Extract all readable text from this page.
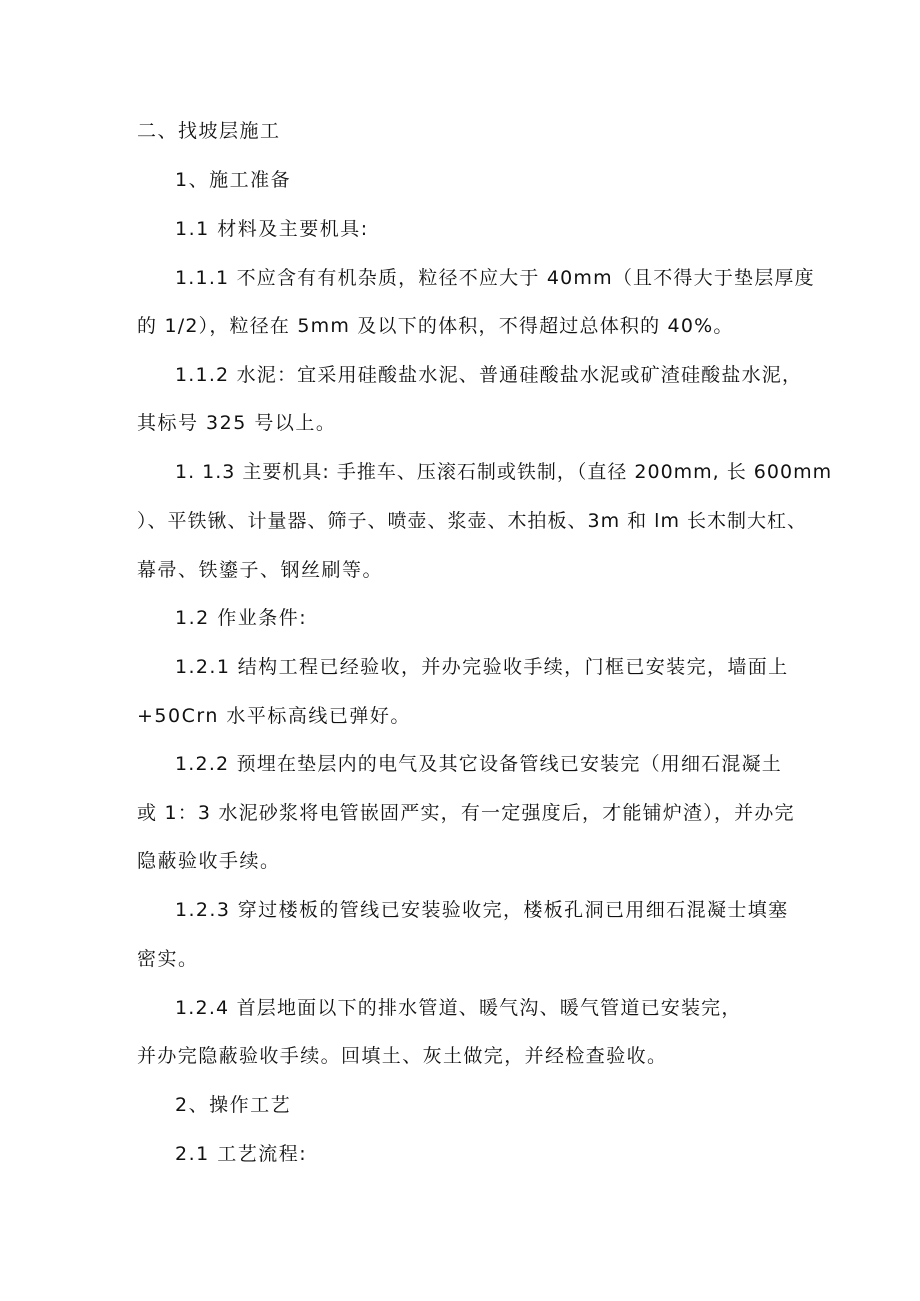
二、找坡层施工
1、施工准备
1.1 材料及主要机具:
1.1.1 不应含有有机杂质，粒径不应大于 40mm（且不得大于垫层厚度
的 1/2），粒径在 5mm 及以下的体积，不得超过总体积的 40%。
1.1.2 水泥：宜采用硅酸盐水泥、普通硅酸盐水泥或矿渣硅酸盐水泥，
其标号 325 号以上。
1. 1.3 主要机具: 手推车、压滚石制或铁制，（直径 200mm, 长 600mm
）、平铁锹、计量器、筛子、喷壶、浆壶、木拍板、3m 和 lm 长木制大杠、
幕帚、铁鎏子、钢丝刷等。
1.2 作业条件:
1.2.1 结构工程已经验收，并办完验收手续，门框已安装完，墙面上
+50Crn 水平标高线已弹好。
1.2.2 预埋在垫层内的电气及其它设备管线已安装完（用细石混凝土
或 1：3 水泥砂浆将电管嵌固严实，有一定强度后，才能铺炉渣），并办完
隐蔽验收手续。
1.2.3 穿过楼板的管线已安装验收完，楼板孔洞已用细石混凝士填塞
密实。
1.2.4 首层地面以下的排水管道、暖气沟、暖气管道已安装完，
并办完隐蔽验收手续。回填土、灰土做完，并经检查验收。
2、操作工艺
2.1 工艺流程:
